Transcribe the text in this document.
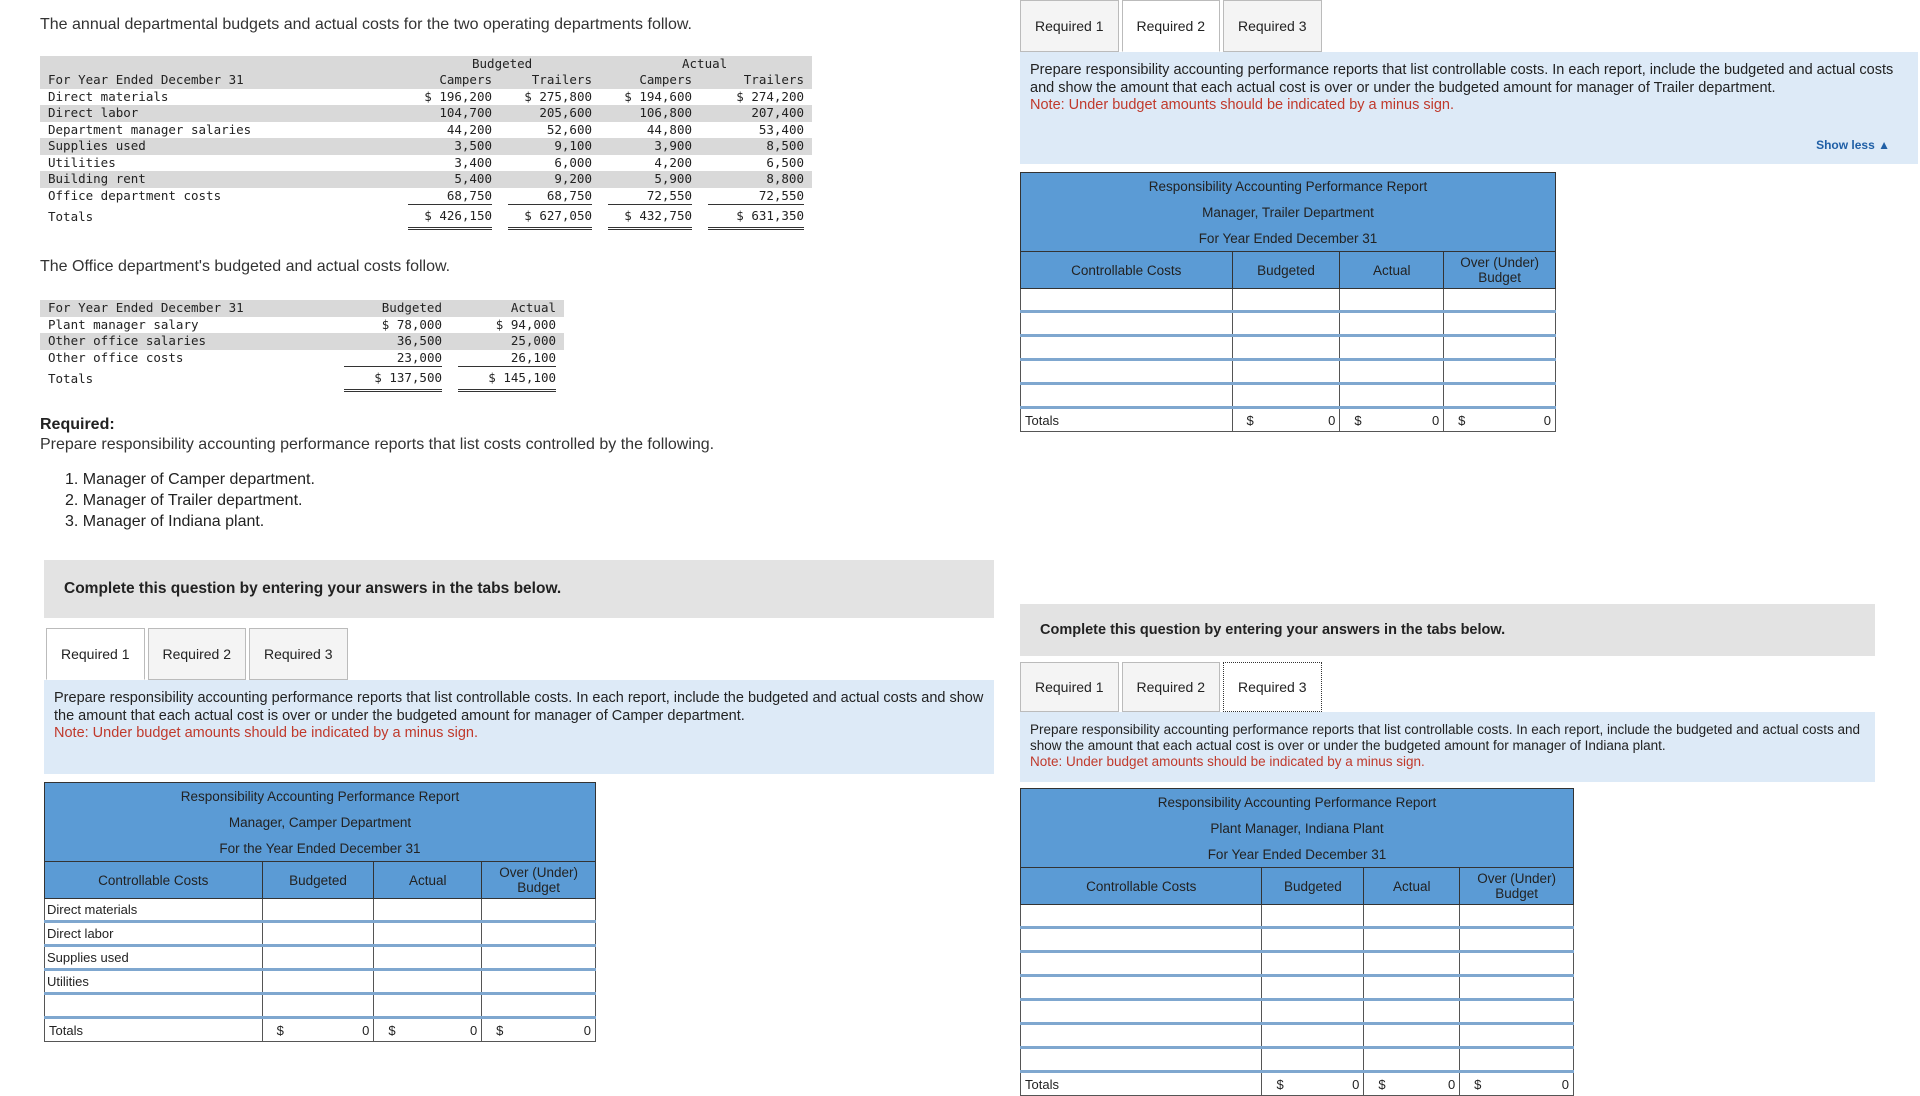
The annual departmental budgets and actual costs for the two operating departments follow.
Budgeted	Actual
For Year Ended December 31	Campers	Trailers	Campers	Trailers
Direct materials	$ 196,200	$ 275,800	$ 194,600	$ 274,200
Direct labor	104,700	205,600	106,800	207,400
Department manager salaries	44,200	52,600	44,800	53,400
Supplies used	3,500	9,100	3,900	8,500
Utilities	3,400	6,000	4,200	6,500
Building rent	5,400	9,200	5,900	8,800
Office department costs	68,750	68,750	72,550	72,550
Totals	$ 426,150	$ 627,050	$ 432,750	$ 631,350
The Office department's budgeted and actual costs follow.
For Year Ended December 31	Budgeted	Actual
Plant manager salary	$ 78,000	$ 94,000
Other office salaries	36,500	25,000
Other office costs	23,000	26,100
Totals	$ 137,500	$ 145,100
Required:
Prepare responsibility accounting performance reports that list costs controlled by the following.
1. Manager of Camper department.
2. Manager of Trailer department.
3. Manager of Indiana plant.
Complete this question by entering your answers in the tabs below.
Required 1	Required 2	Required 3
Prepare responsibility accounting performance reports that list controllable costs. In each report, include the budgeted and actual costs and show the amount that each actual cost is over or under the budgeted amount for manager of Camper department.
Note: Under budget amounts should be indicated by a minus sign.
Responsibility Accounting Performance Report			
Manager, Camper Department			
For the Year Ended December 31			
Controllable Costs	Budgeted	Actual	Over (Under) Budget
Direct materials			
Direct labor			
Supplies used			
Utilities			

Totals	$ 0	$ 0	$ 0
Required 1	Required 2	Required 3
Prepare responsibility accounting performance reports that list controllable costs. In each report, include the budgeted and actual costs and show the amount that each actual cost is over or under the budgeted amount for manager of Trailer department.
Note: Under budget amounts should be indicated by a minus sign.
Show less ▲
Responsibility Accounting Performance Report			
Manager, Trailer Department			
For Year Ended December 31			
Controllable Costs	Budgeted	Actual	Over (Under) Budget

Totals	$ 0	$ 0	$ 0
Complete this question by entering your answers in the tabs below.
Required 1	Required 2	Required 3
Prepare responsibility accounting performance reports that list controllable costs. In each report, include the budgeted and actual costs and show the amount that each actual cost is over or under the budgeted amount for manager of Indiana plant.
Note: Under budget amounts should be indicated by a minus sign.
Responsibility Accounting Performance Report			
Plant Manager, Indiana Plant			
For Year Ended December 31			
Controllable Costs	Budgeted	Actual	Over (Under) Budget

Totals	$ 0	$ 0	$ 0
